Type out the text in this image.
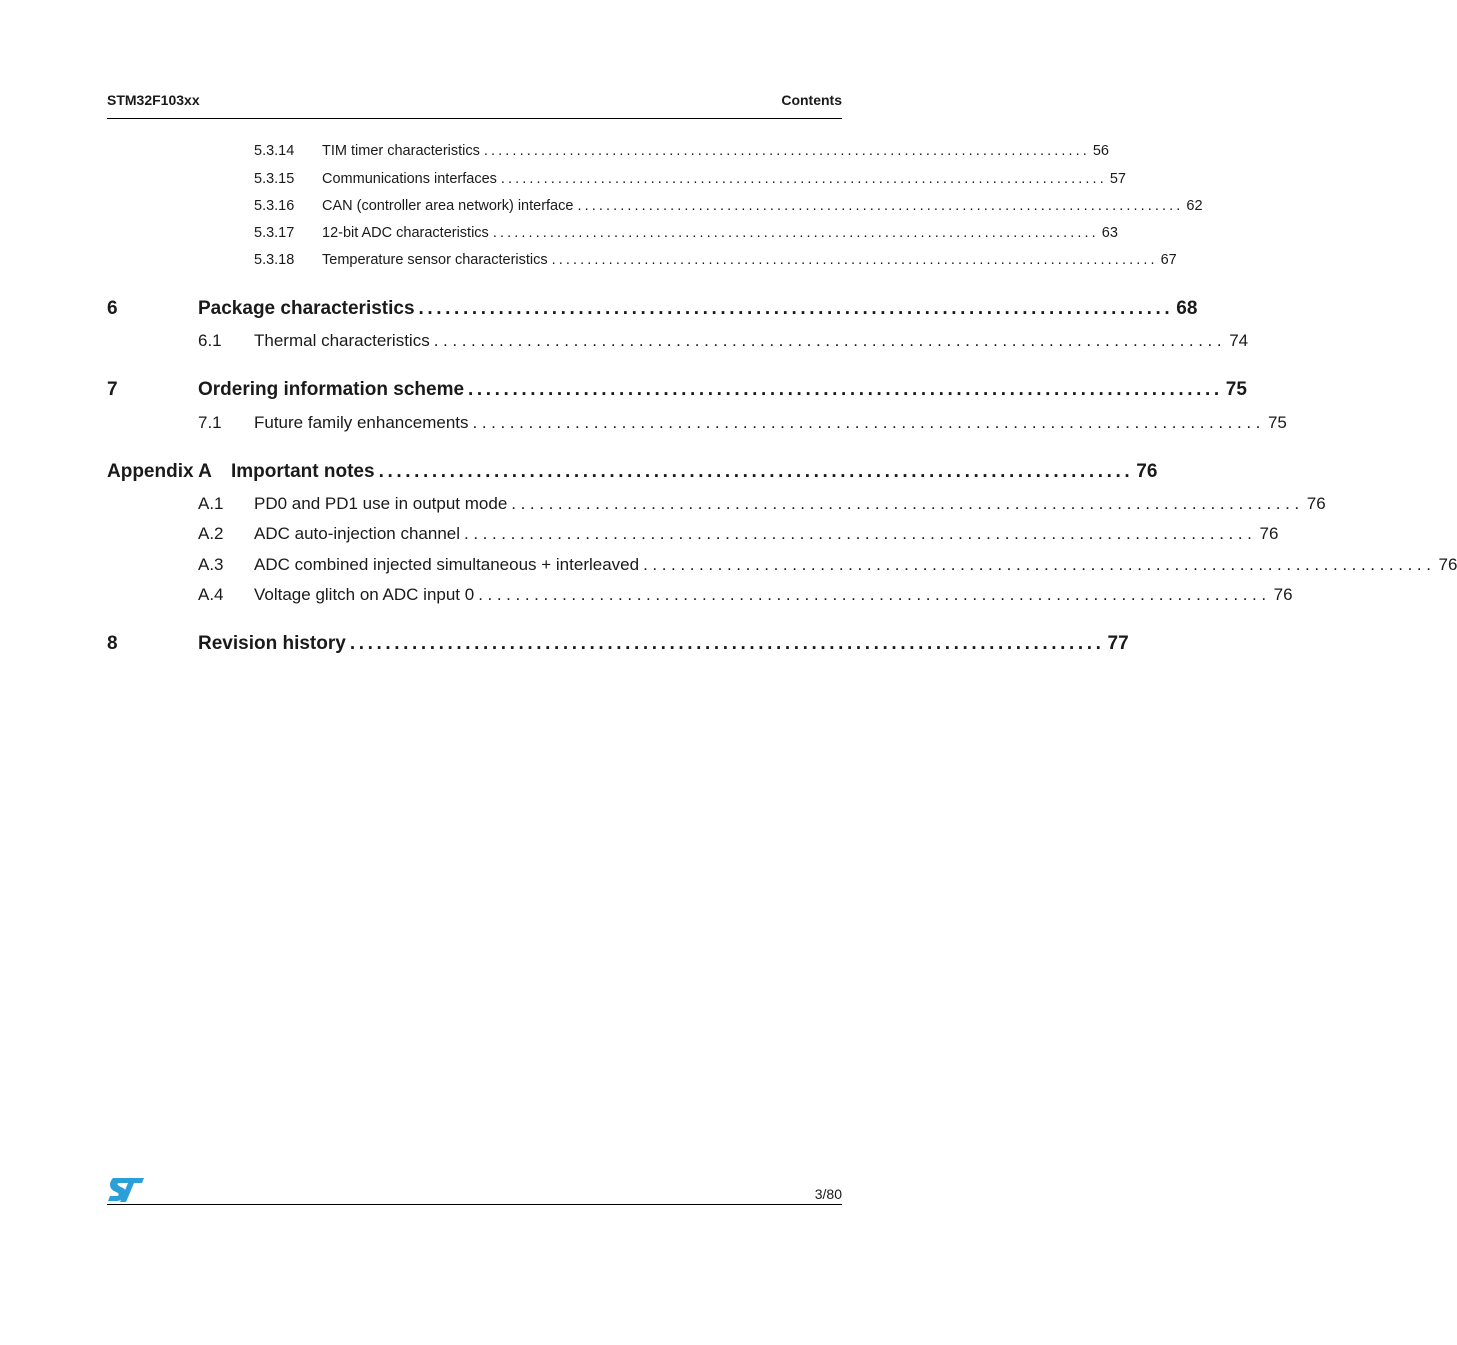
STM32F103xx	Contents
5.3.14 TIM timer characteristics ..................................................................................... 56
5.3.15 Communications interfaces ..................................................................................... 57
5.3.16 CAN (controller area network) interface ..................................................................................... 62
5.3.17 12-bit ADC characteristics ..................................................................................... 63
5.3.18 Temperature sensor characteristics ..................................................................................... 67
6	Package characteristics ..................................................................................... 68
6.1 Thermal characteristics ..................................................................................... 74
7	Ordering information scheme ..................................................................................... 75
7.1 Future family enhancements ..................................................................................... 75
Appendix A Important notes ..................................................................................... 76
A.1 PD0 and PD1 use in output mode ..................................................................................... 76
A.2 ADC auto-injection channel ..................................................................................... 76
A.3 ADC combined injected simultaneous + interleaved ..................................................................................... 76
A.4 Voltage glitch on ADC input 0 ..................................................................................... 76
8	Revision history ..................................................................................... 77
3/80
